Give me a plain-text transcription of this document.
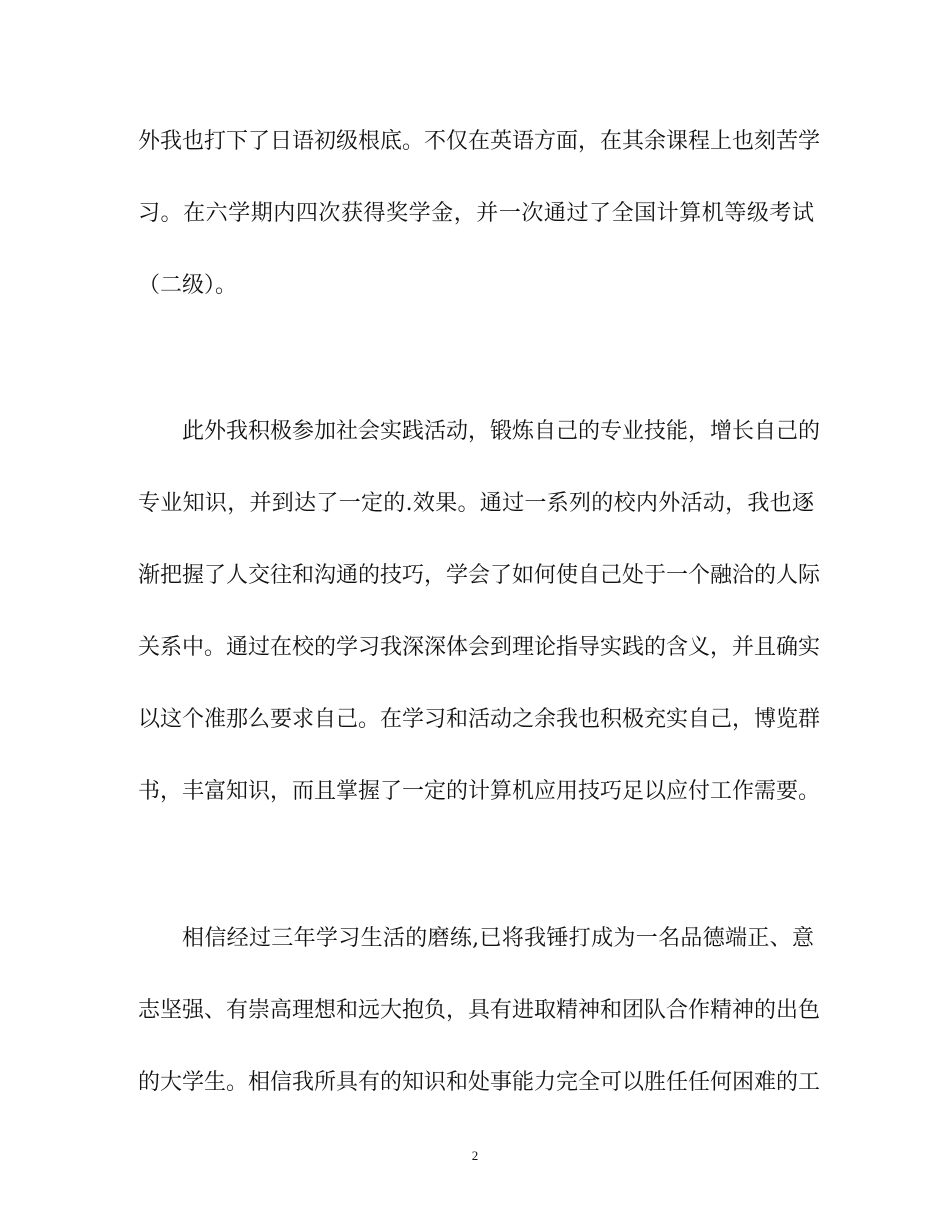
外我也打下了日语初级根底。不仅在英语方面，在其余课程上也刻苦学
习。在六学期内四次获得奖学金，并一次通过了全国计算机等级考试
（二级）。
此外我积极参加社会实践活动，锻炼自己的专业技能，增长自己的
专业知识，并到达了一定的.效果。通过一系列的校内外活动，我也逐
渐把握了人交往和沟通的技巧，学会了如何使自己处于一个融洽的人际
关系中。通过在校的学习我深深体会到理论指导实践的含义，并且确实
以这个准那么要求自己。在学习和活动之余我也积极充实自己，博览群
书，丰富知识，而且掌握了一定的计算机应用技巧足以应付工作需要。
相信经过三年学习生活的磨练,已将我锤打成为一名品德端正、意
志坚强、有崇高理想和远大抱负，具有进取精神和团队合作精神的出色
的大学生。相信我所具有的知识和处事能力完全可以胜任任何困难的工
2
